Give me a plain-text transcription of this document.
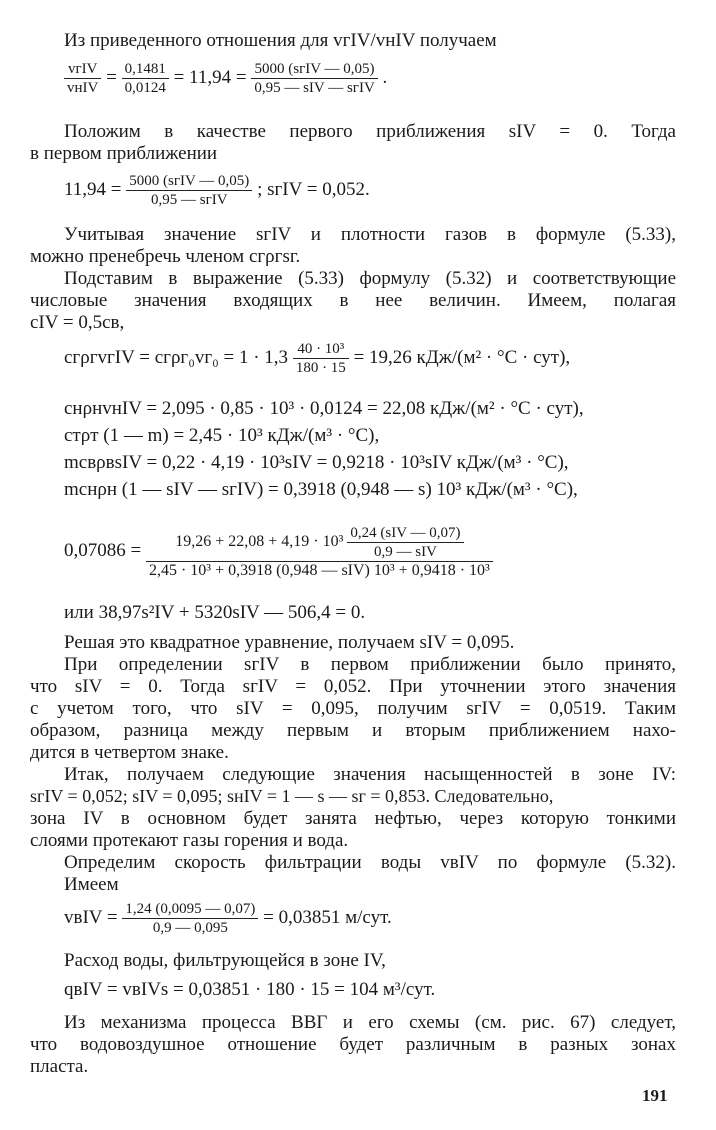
Из приведенного отношения для vгIV/vнIV получаем
$\frac{\text{vгIV}}{\text{vнIV}} = \frac{0,1481}{0,0124} = 11,94 = \frac{\text{5000 (sгIV — 0,05)}}{\text{0,95 — sIV — sгIV}}$ .
Положим в качестве первого приближения sIV = 0. Тогда
в первом приближении
$11,94 = \frac{\text{5000 (sгIV — 0,05)}}{\text{0,95 — sгIV}}$ ; sгIV = 0,052.
Учитывая значение sгIV и плотности газов в формуле (5.33),
можно пренебречь членом cгρгsг.
Подставим в выражение (5.33) формулу (5.32) и соответствующие
числовые значения входящих в нее величин. Имеем, полагая
cIV = 0,5cв,
cгρгvгIV = $cг\rho г_0vг_0 = 1 \cdot 1,3 \frac{\text{40 · 10³}}{180 \cdot 15} = 19,26$ кДж/(м² · °C · сут),
cнρнvнIV = 2,095 · 0,85 · 10³ · 0,0124 = 22,08 кДж/(м² · °C · сут),
cтρт (1 — m) = 2,45 · 10³ кДж/(м³ · °C),
mcвρвsIV = 0,22 · 4,19 · 10³sIV = 0,9218 · 10³sIV кДж/(м³ · °C),
mcнρн (1 — sIV — sгIV) = 0,3918 (0,948 — s) 10³ кДж/(м³ · °C),
0,07086 =	$19,26 + 22,08 + 4,19 \cdot 10^3 \frac{\text{0,24 (sIV — 0,07)}}{\text{0,9 — sIV}}$
2,45 · 10³ + 0,3918 (0,948 — sIV) 10³ + 0,9418 · 10³
или 38,97s²IV + 5320sIV — 506,4 = 0.
Решая это квадратное уравнение, получаем sIV = 0,095.
При определении sгIV в первом приближении было принято,
что sIV = 0. Тогда sгIV = 0,052. При уточнении этого значения
с учетом того, что sIV = 0,095, получим sгIV = 0,0519. Таким
образом, разница между первым и вторым приближением нахо-
дится в четвертом знаке.
Итак, получаем следующие значения насыщенностей в зоне IV:
sгIV = 0,052; sIV = 0,095; sнIV = 1 — s — sг = 0,853. Следовательно,
зона IV в основном будет занята нефтью, через которую тонкими
слоями протекают газы горения и вода.
Определим скорость фильтрации воды vвIV по формуле (5.32).
Имеем
vвIV = $\frac{1,24 (0,0095 — 0,07)}{0,9 — 0,095} = 0,03851$ м/сут.
Расход воды, фильтрующейся в зоне IV,
qвIV = vвIVs = 0,03851 · 180 · 15 = 104 м³/сут.
Из механизма процесса ВВГ и его схемы (см. рис. 67) следует,
что водовоздушное отношение будет различным в разных зонах
пласта.
191
